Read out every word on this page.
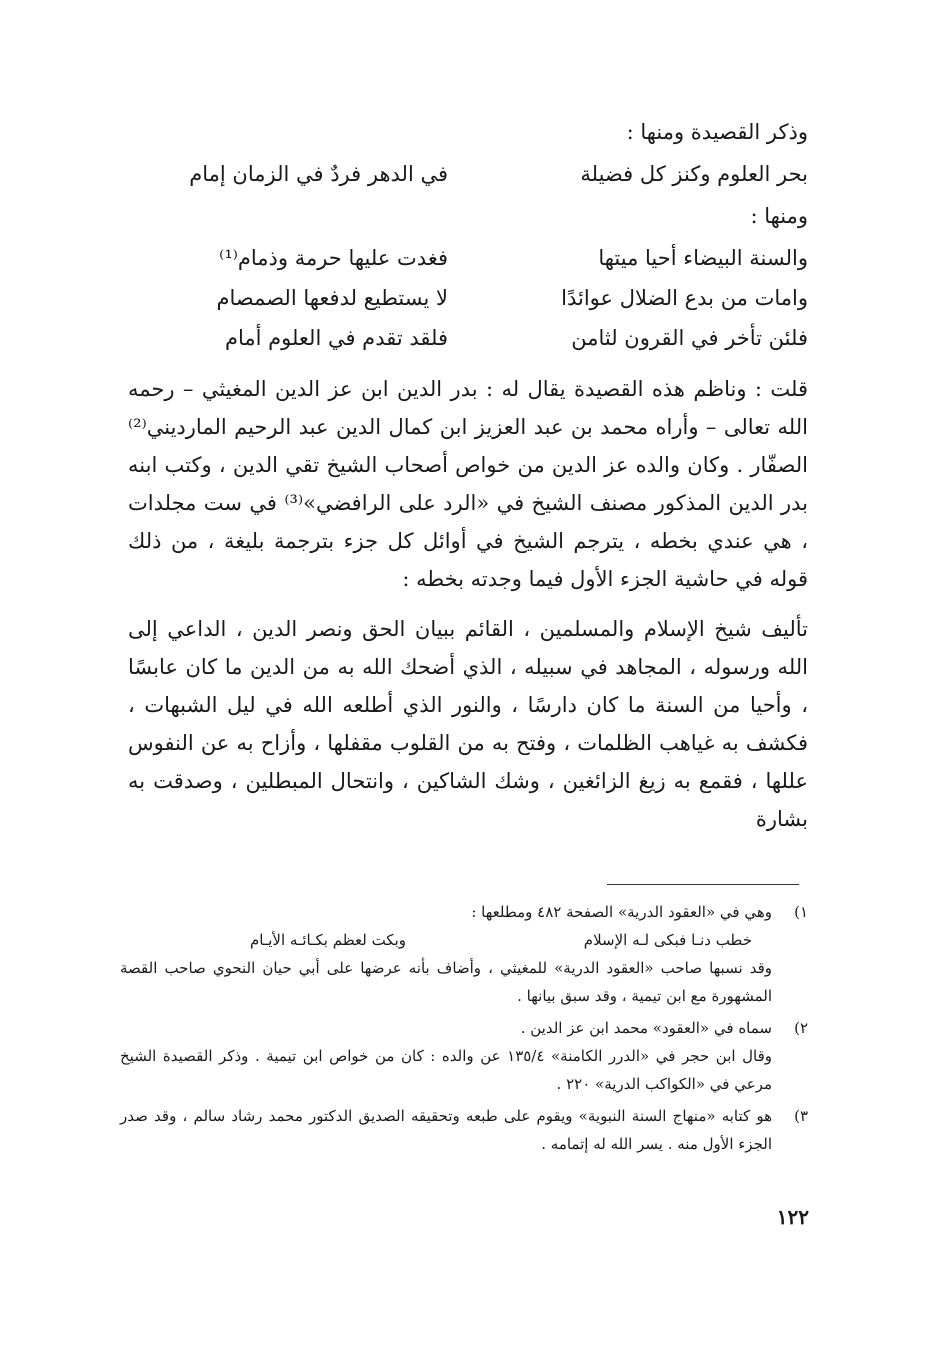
وذكر القصيدة ومنها :

بحر العلوم وكنز كل فضيلة
في الدهر فردٌ في الزمان إمام

ومنها :

والسنة البيضاء أحيا ميتها
فغدت عليها حرمة وذمام⁽¹⁾
وامات من بدع الضلال عوائدًا
لا يستطيع لدفعها الصمصام
فلئن تأخر في القرون لثامن
فلقد تقدم في العلوم أمام

قلت : وناظم هذه القصيدة يقال له : بدر الدين ابن عز الدين المغيثي – رحمه الله تعالى – وأراه محمد بن عبد العزيز ابن كمال الدين عبد الرحيم المارديني⁽²⁾ الصفّار . وكان والده عز الدين من خواص أصحاب الشيخ تقي الدين ، وكتب ابنه بدر الدين المذكور مصنف الشيخ في «الرد على الرافضي»⁽³⁾ في ست مجلدات ، هي عندي بخطه ، يترجم الشيخ في أوائل كل جزء بترجمة بليغة ، من ذلك قوله في حاشية الجزء الأول فيما وجدته بخطه :

تأليف شيخ الإسلام والمسلمين ، القائم ببيان الحق ونصر الدين ، الداعي إلى الله ورسوله ، المجاهد في سبيله ، الذي أضحك الله به من الدين ما كان عابسًا ، وأحيا من السنة ما كان دارسًا ، والنور الذي أطلعه الله في ليل الشبهات ، فكشف به غياهب الظلمات ، وفتح به من القلوب مقفلها ، وأزاح به عن النفوس عللها ، فقمع به زيغ الزائغين ، وشك الشاكين ، وانتحال المبطلين ، وصدقت به بشارة

١)

وهي في «العقود الدرية» الصفحة ٤٨٢ ومطلعها :

خطب دنـا فبكى لـه الإسلام
وبكت لعظم بكـائـه الأيـام

وقد نسبها صاحب «العقود الدرية» للمغيثي ، وأضاف بأنه عرضها على أبي حيان النحوي صاحب القصة المشهورة مع ابن تيمية ، وقد سبق بيانها .

٢)

سماه في «العقود» محمد ابن عز الدين .

وقال ابن حجر في «الدرر الكامنة» ١٣٥/٤ عن والده : كان من خواص ابن تيمية . وذكر القصيدة الشيخ مرعي في «الكواكب الدرية» ٢٢٠ .

٣)

هو كتابه «منهاج السنة النبوية» ويقوم على طبعه وتحقيقه الصديق الدكتور محمد رشاد سالم ، وقد صدر الجزء الأول منه . يسر الله له إتمامه .

١٢٢
